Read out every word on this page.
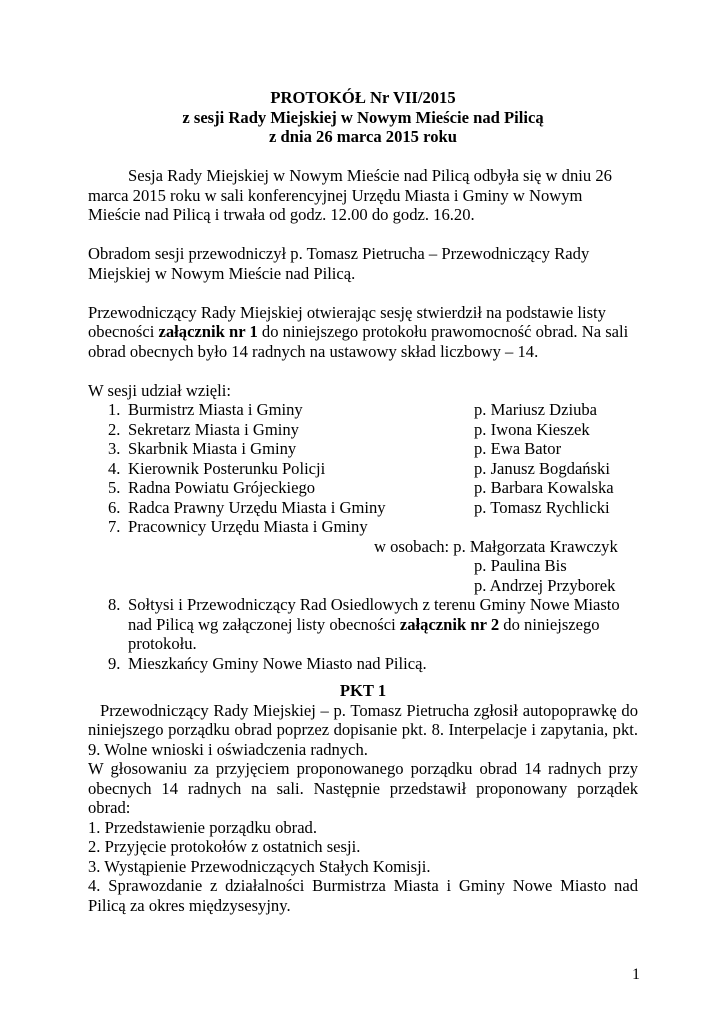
PROTOKÓŁ Nr VII/2015
z sesji Rady Miejskiej w Nowym Mieście nad Pilicą
z dnia 26 marca 2015 roku

Sesja Rady Miejskiej w Nowym Mieście nad Pilicą odbyła się w dniu 26 marca 2015 roku w sali konferencyjnej Urzędu Miasta i Gminy w Nowym Mieście nad Pilicą i trwała od godz. 12.00 do godz. 16.20.

Obradom sesji przewodniczył p. Tomasz Pietrucha – Przewodniczący Rady Miejskiej w Nowym Mieście nad Pilicą.

Przewodniczący Rady Miejskiej otwierając sesję stwierdził na podstawie listy obecności załącznik nr 1 do niniejszego protokołu prawomocność obrad. Na sali obrad obecnych było 14 radnych na ustawowy skład liczbowy – 14.

W sesji udział wzięli:

1. Burmistrz Miasta i Gminy	p. Mariusz Dziuba
2. Sekretarz Miasta i Gminy	p. Iwona Kieszek
3. Skarbnik Miasta i Gminy	p. Ewa Bator
4. Kierownik Posterunku Policji	p. Janusz Bogdański
5. Radna Powiatu Grójeckiego	p. Barbara Kowalska
6. Radca Prawny Urzędu Miasta i Gminy	p. Tomasz Rychlicki
7. Pracownicy Urzędu Miasta i Gminy
w osobach: p. Małgorzata Krawczyk
p. Paulina Bis
p. Andrzej Przyborek
8. Sołtysi i Przewodniczący Rad Osiedlowych z terenu Gminy Nowe Miasto nad Pilicą wg załączonej listy obecności załącznik nr 2 do niniejszego protokołu.
9. Mieszkańcy Gminy Nowe Miasto nad Pilicą.
PKT 1

Przewodniczący Rady Miejskiej – p. Tomasz Pietrucha zgłosił autopoprawkę do niniejszego porządku obrad poprzez dopisanie pkt. 8. Interpelacje i zapytania, pkt. 9. Wolne wnioski i oświadczenia radnych.

W głosowaniu za przyjęciem proponowanego porządku obrad 14 radnych przy obecnych 14 radnych na sali. Następnie przedstawił proponowany porządek obrad:

1. Przedstawienie porządku obrad.

2. Przyjęcie protokołów z ostatnich sesji.

3. Wystąpienie Przewodniczących Stałych Komisji.

4. Sprawozdanie z działalności Burmistrza Miasta i Gminy Nowe Miasto nad Pilicą za okres międzysesyjny.

1
